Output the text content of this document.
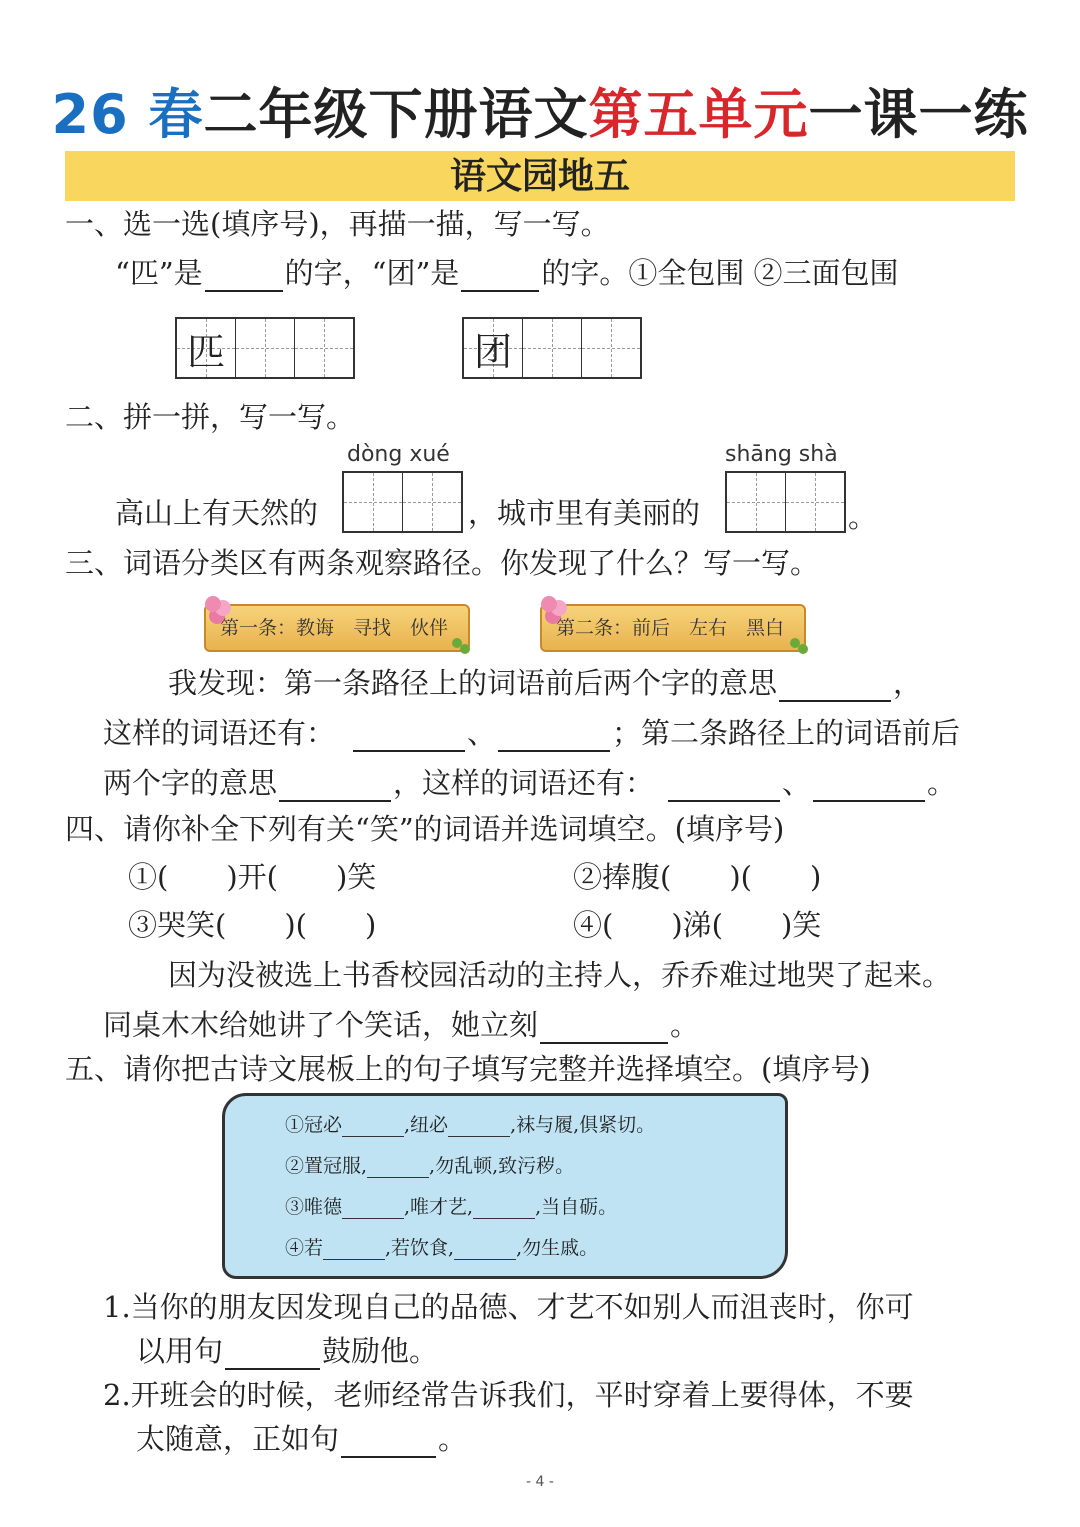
26 春二年级下册语文第五单元一课一练
语文园地五
一、选一选(填序号)，再描一描，写一写。
“匹”是	的字，“团”是	的字。①全包围 ②三面包围
匹	团
二、拼一拼，写一写。
dòng xué	shāng shà
高山上有天然的	，城市里有美丽的	。
三、词语分类区有两条观察路径。你发现了什么？写一写。
第一条：教诲　寻找　伙伴	第二条：前后　左右　黑白
我发现：第一条路径上的词语前后两个字的意思	，
这样的词语还有：	、	；第二条路径上的词语前后
两个字的意思	，这样的词语还有：	、	。
四、请你补全下列有关“笑”的词语并选词填空。(填序号)
①(　　)开(　　)笑	②捧腹(　　)(　　)
③哭笑(　　)(　　)	④(　　)涕(　　)笑
因为没被选上书香校园活动的主持人，乔乔难过地哭了起来。
同桌木木给她讲了个笑话，她立刻	。
五、请你把古诗文展板上的句子填写完整并选择填空。(填序号)
①冠必	,纽必	,袜与履,俱紧切。
②置冠服,	,勿乱顿,致污秽。
③唯德	,唯才艺,	,当自砺。
④若	,若饮食,	,勿生戚。
1.当你的朋友因发现自己的品德、才艺不如别人而沮丧时，你可
以用句	鼓励他。
2.开班会的时候，老师经常告诉我们，平时穿着上要得体，不要
太随意，正如句	。
- 4 -
